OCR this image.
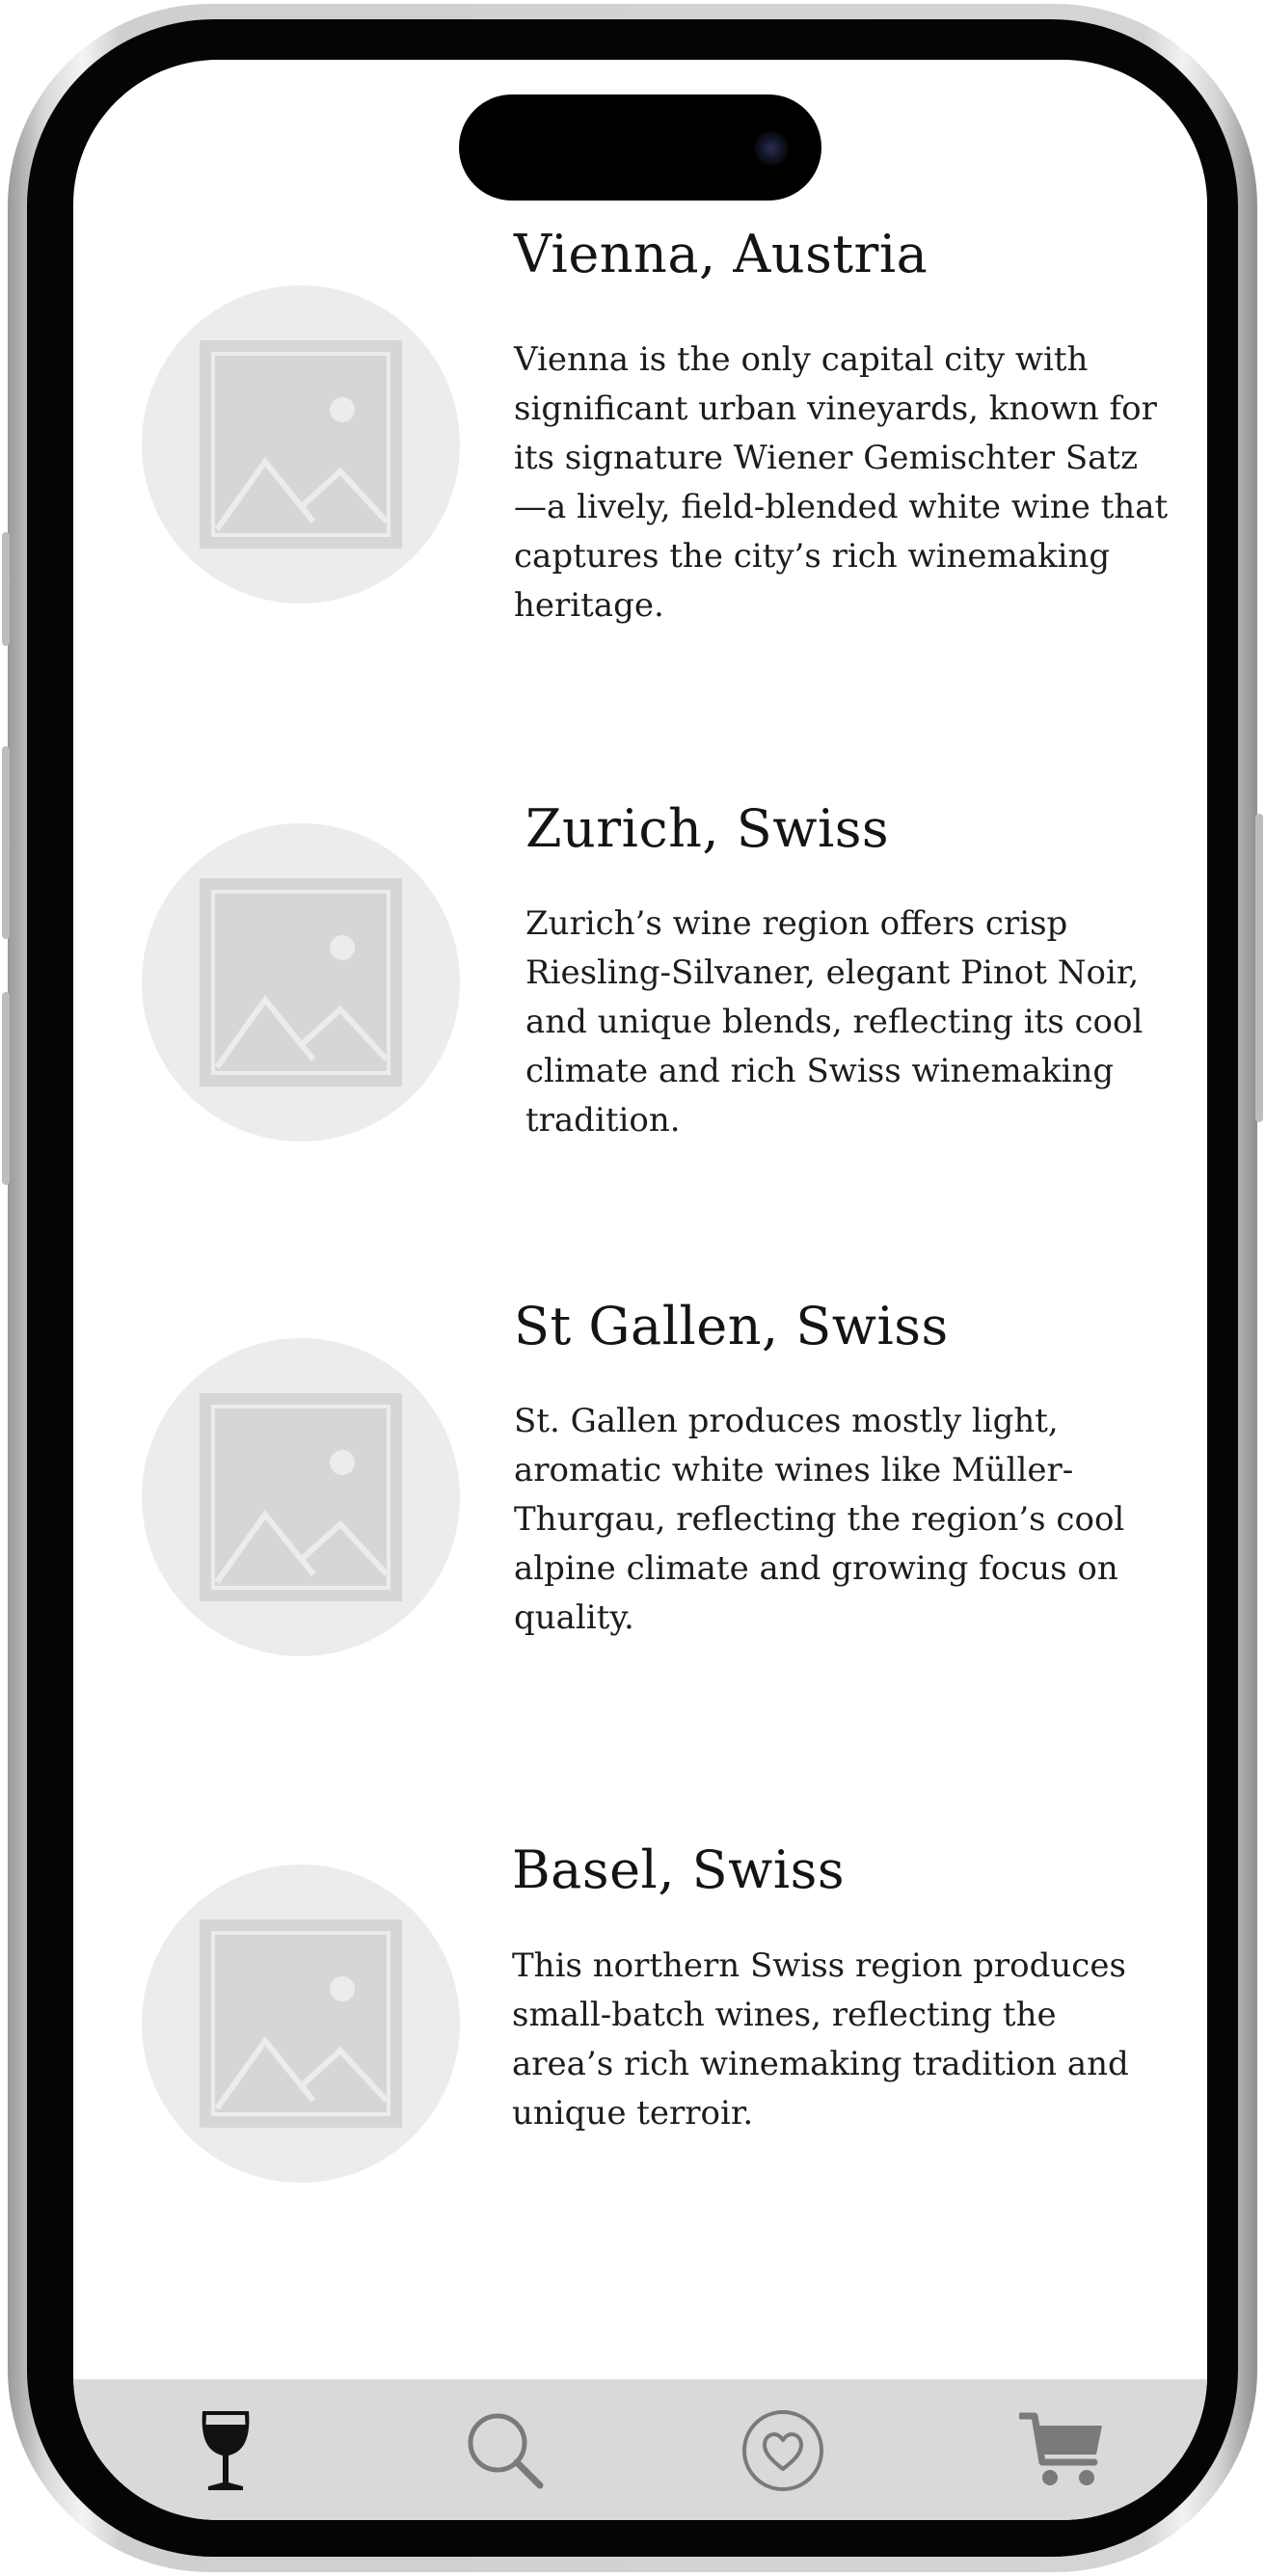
Vienna, Austria
Vienna is the only capital city with significant urban vineyards, known for its signature Wiener Gemischter Satz—a lively, field-blended white wine that captures the city’s rich winemaking heritage.
Zurich, Swiss
Zurich’s wine region offers crisp Riesling-Silvaner, elegant Pinot Noir, and unique blends, reflecting its cool climate and rich Swiss winemaking tradition.
St Gallen, Swiss
St. Gallen produces mostly light, aromatic white wines like Müller-Thurgau, reflecting the region’s cool alpine climate and growing focus on quality.
Basel, Swiss
This northern Swiss region produces small-batch wines, reflecting the area’s rich winemaking tradition and unique terroir.
